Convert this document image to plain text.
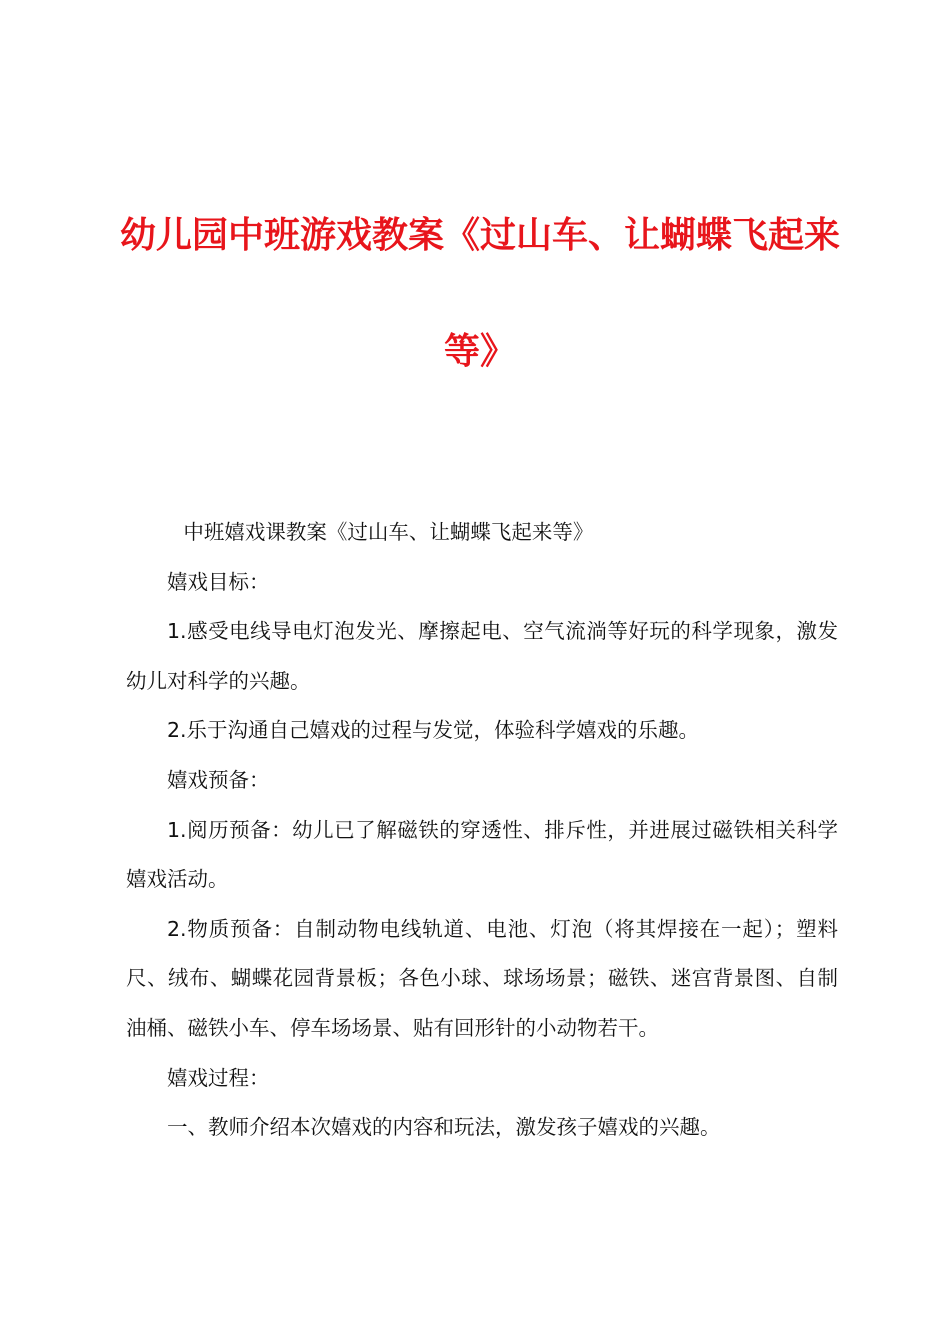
幼儿园中班游戏教案《过山车、让蝴蝶飞起来
等》

中班嬉戏课教案《过山车、让蝴蝶飞起来等》

嬉戏目标：

1.感受电线导电灯泡发光、摩擦起电、空气流淌等好玩的科学现象，激发幼儿对科学的兴趣。

2.乐于沟通自己嬉戏的过程与发觉，体验科学嬉戏的乐趣。

嬉戏预备：

1.阅历预备：幼儿已了解磁铁的穿透性、排斥性，并进展过磁铁相关科学嬉戏活动。

2.物质预备：自制动物电线轨道、电池、灯泡（将其焊接在一起）；塑料尺、绒布、蝴蝶花园背景板；各色小球、球场场景；磁铁、迷宫背景图、自制油桶、磁铁小车、停车场场景、贴有回形针的小动物若干。

嬉戏过程：

一、教师介绍本次嬉戏的内容和玩法，激发孩子嬉戏的兴趣。
